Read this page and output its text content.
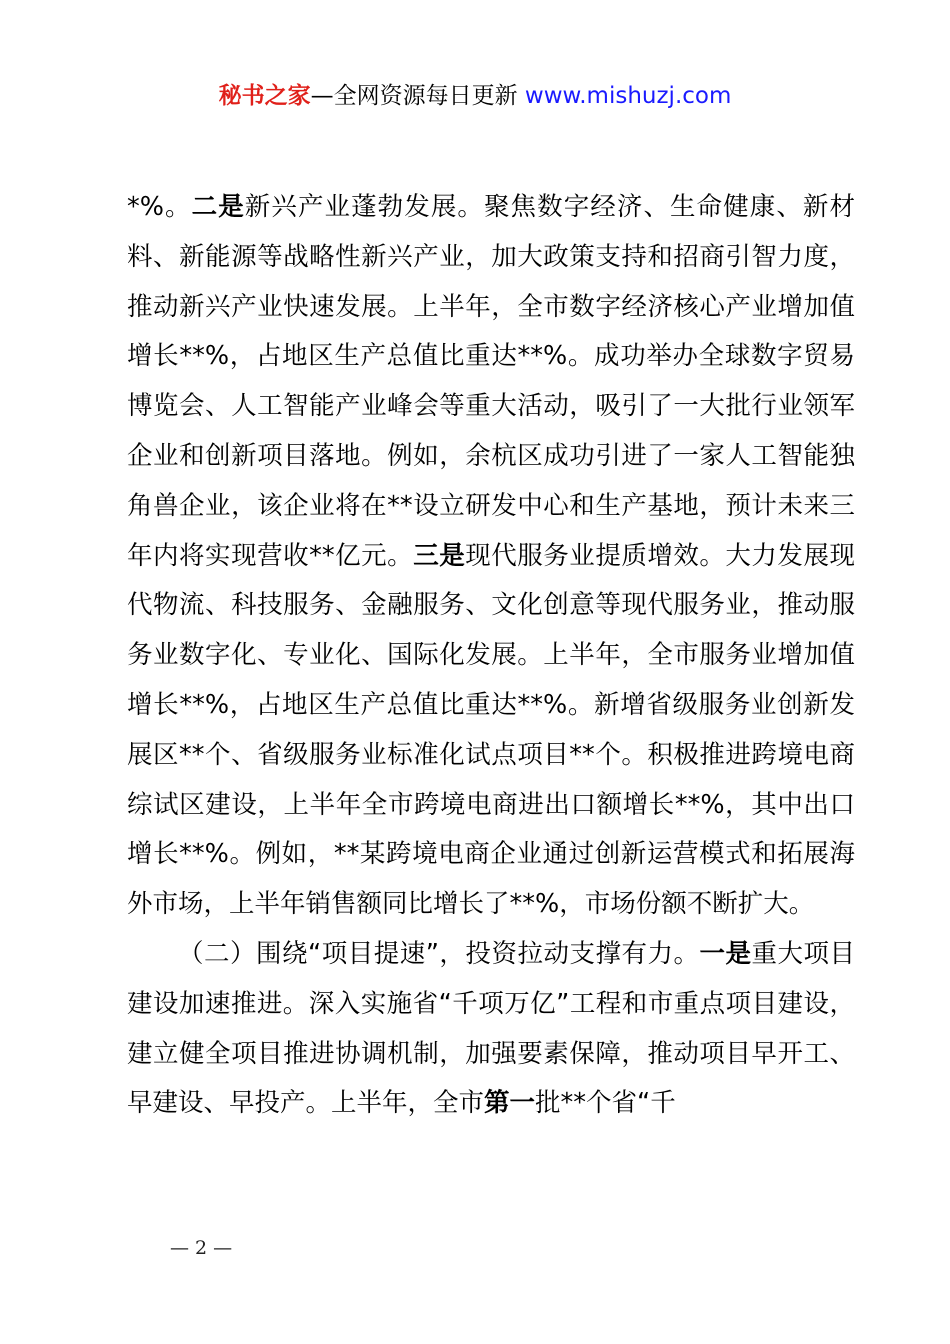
秘书之家—全网资源每日更新 www.mishuzj.com

*%。二是新兴产业蓬勃发展。聚焦数字经济、生命健康、新材料、新能源等战略性新兴产业，加大政策支持和招商引智力度，推动新兴产业快速发展。上半年，全市数字经济核心产业增加值增长**%，占地区生产总值比重达**%。成功举办全球数字贸易博览会、人工智能产业峰会等重大活动，吸引了一大批行业领军企业和创新项目落地。例如，余杭区成功引进了一家人工智能独角兽企业，该企业将在**设立研发中心和生产基地，预计未来三年内将实现营收**亿元。三是现代服务业提质增效。大力发展现代物流、科技服务、金融服务、文化创意等现代服务业，推动服务业数字化、专业化、国际化发展。上半年，全市服务业增加值增长**%，占地区生产总值比重达**%。新增省级服务业创新发展区**个、省级服务业标准化试点项目**个。积极推进跨境电商综试区建设，上半年全市跨境电商进出口额增长**%，其中出口增长**%。例如，**某跨境电商企业通过创新运营模式和拓展海外市场，上半年销售额同比增长了**%，市场份额不断扩大。

（二）围绕“项目提速”，投资拉动支撑有力。一是重大项目建设加速推进。深入实施省“千项万亿”工程和市重点项目建设，建立健全项目推进协调机制，加强要素保障，推动项目早开工、早建设、早投产。上半年，全市第一批**个省“千

— 2 —
